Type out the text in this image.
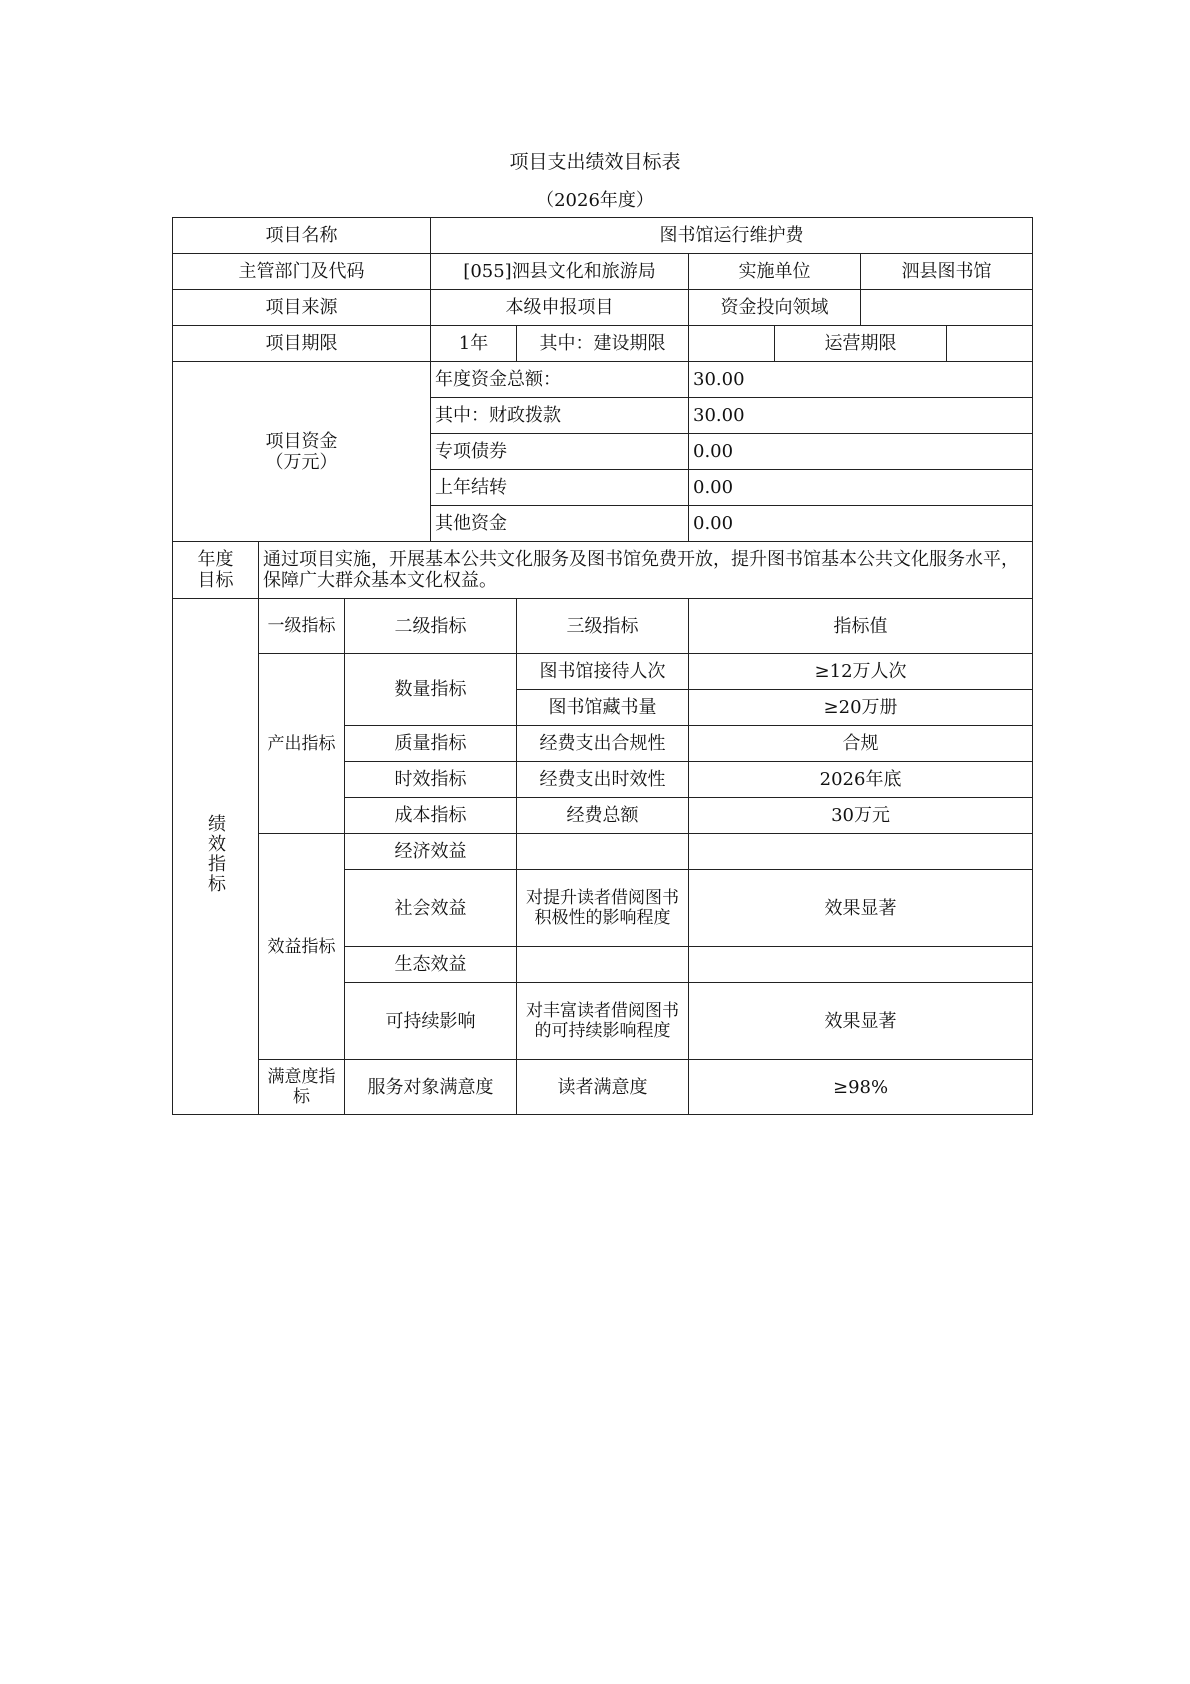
项目支出绩效目标表
（2026年度）
项目名称			图书馆运行维护费					
主管部门及代码			[055]泗县文化和旅游局		实施单位		泗县图书馆	
项目来源			本级申报项目		资金投向领域			
项目期限			1年	其中：建设期限		运营期限		

项目资金
（万元）			年度资金总额：		30.00			
			其中：财政拨款		30.00			
			专项债券		0.00			
			上年结转		0.00			
			其他资金		0.00			

年度
目标	通过项目实施，开展基本公共文化服务及图书馆免费开放，提升图书馆基本公共文化服务水平，保障广大群众基本文化权益。							
绩效指标	一级指标	二级指标		三级指标	指标值			
	产出指标	数量指标		图书馆接待人次	≥12万人次			
				图书馆藏书量	≥20万册			
		质量指标		经费支出合规性	合规			
		时效指标		经费支出时效性	2026年底			
		成本指标		经费总额	30万元			
	效益指标	经济效益						
		社会效益		对提升读者借阅图书积极性的影响程度	效果显著			
		生态效益						
		可持续影响		对丰富读者借阅图书的可持续影响程度	效果显著			
	满意度指标	服务对象满意度		读者满意度	≥98%			
